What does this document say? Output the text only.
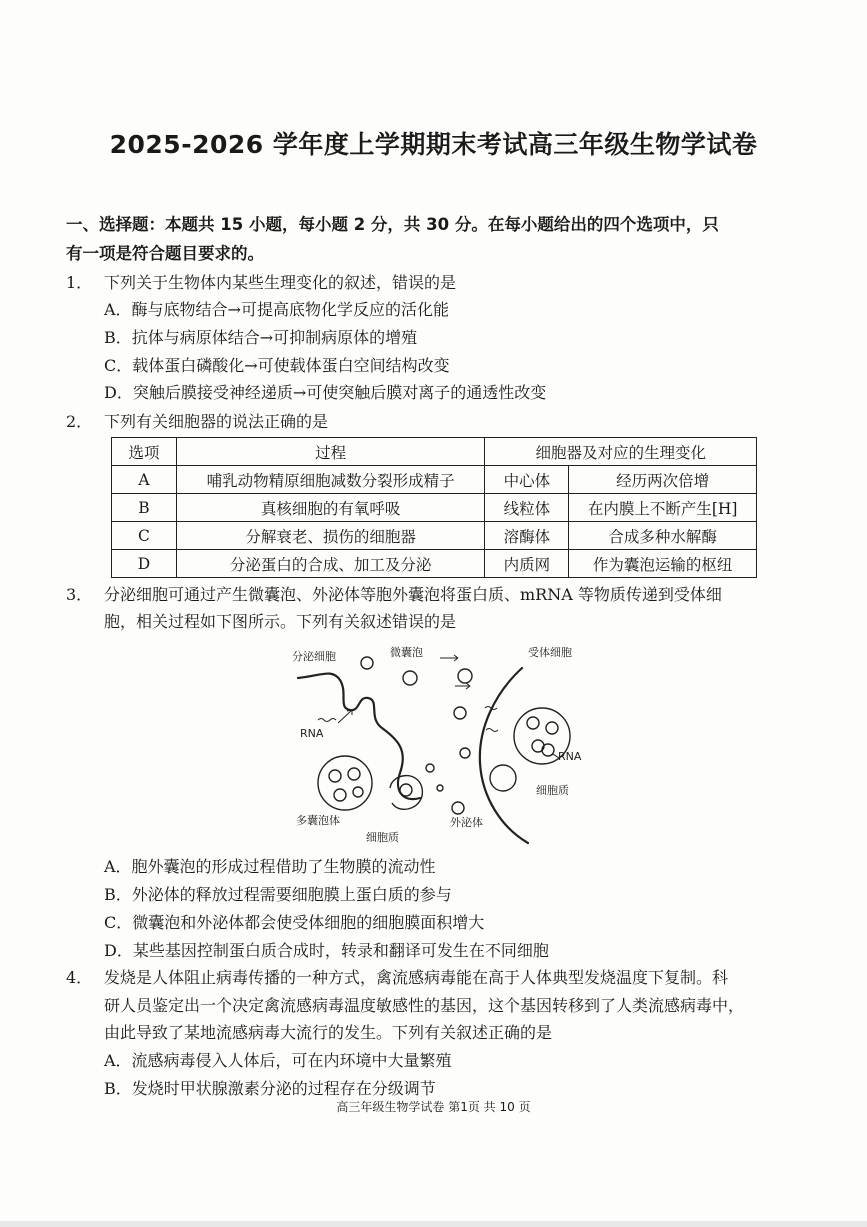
2025-2026 学年度上学期期末考试高三年级生物学试卷
一、选择题：本题共 15 小题，每小题 2 分，共 30 分。在每小题给出的四个选项中，只
有一项是符合题目要求的。
1． 下列关于生物体内某些生理变化的叙述，错误的是
A．酶与底物结合→可提高底物化学反应的活化能
B．抗体与病原体结合→可抑制病原体的增殖
C．载体蛋白磷酸化→可使载体蛋白空间结构改变
D．突触后膜接受神经递质→可使突触后膜对离子的通透性改变
2． 下列有关细胞器的说法正确的是
选项	过程	细胞器及对应的生理变化	
A	哺乳动物精原细胞减数分裂形成精子	中心体	经历两次倍增
B	真核细胞的有氧呼吸	线粒体	在内膜上不断产生[H]
C	分解衰老、损伤的细胞器	溶酶体	合成多种水解酶
D	分泌蛋白的合成、加工及分泌	内质网	作为囊泡运输的枢纽
3． 分泌细胞可通过产生微囊泡、外泌体等胞外囊泡将蛋白质、mRNA 等物质传递到受体细
胞，相关过程如下图所示。下列有关叙述错误的是
分泌细胞	微囊泡	受体细胞
RNA
RNA
多囊泡体
细胞质
外泌体
细胞质
A．胞外囊泡的形成过程借助了生物膜的流动性
B．外泌体的释放过程需要细胞膜上蛋白质的参与
C．微囊泡和外泌体都会使受体细胞的细胞膜面积增大
D．某些基因控制蛋白质合成时，转录和翻译可发生在不同细胞
4． 发烧是人体阻止病毒传播的一种方式，禽流感病毒能在高于人体典型发烧温度下复制。科
研人员鉴定出一个决定禽流感病毒温度敏感性的基因，这个基因转移到了人类流感病毒中，
由此导致了某地流感病毒大流行的发生。下列有关叙述正确的是
A．流感病毒侵入人体后，可在内环境中大量繁殖
B．发烧时甲状腺激素分泌的过程存在分级调节
高三年级生物学试卷 第1页 共 10 页
